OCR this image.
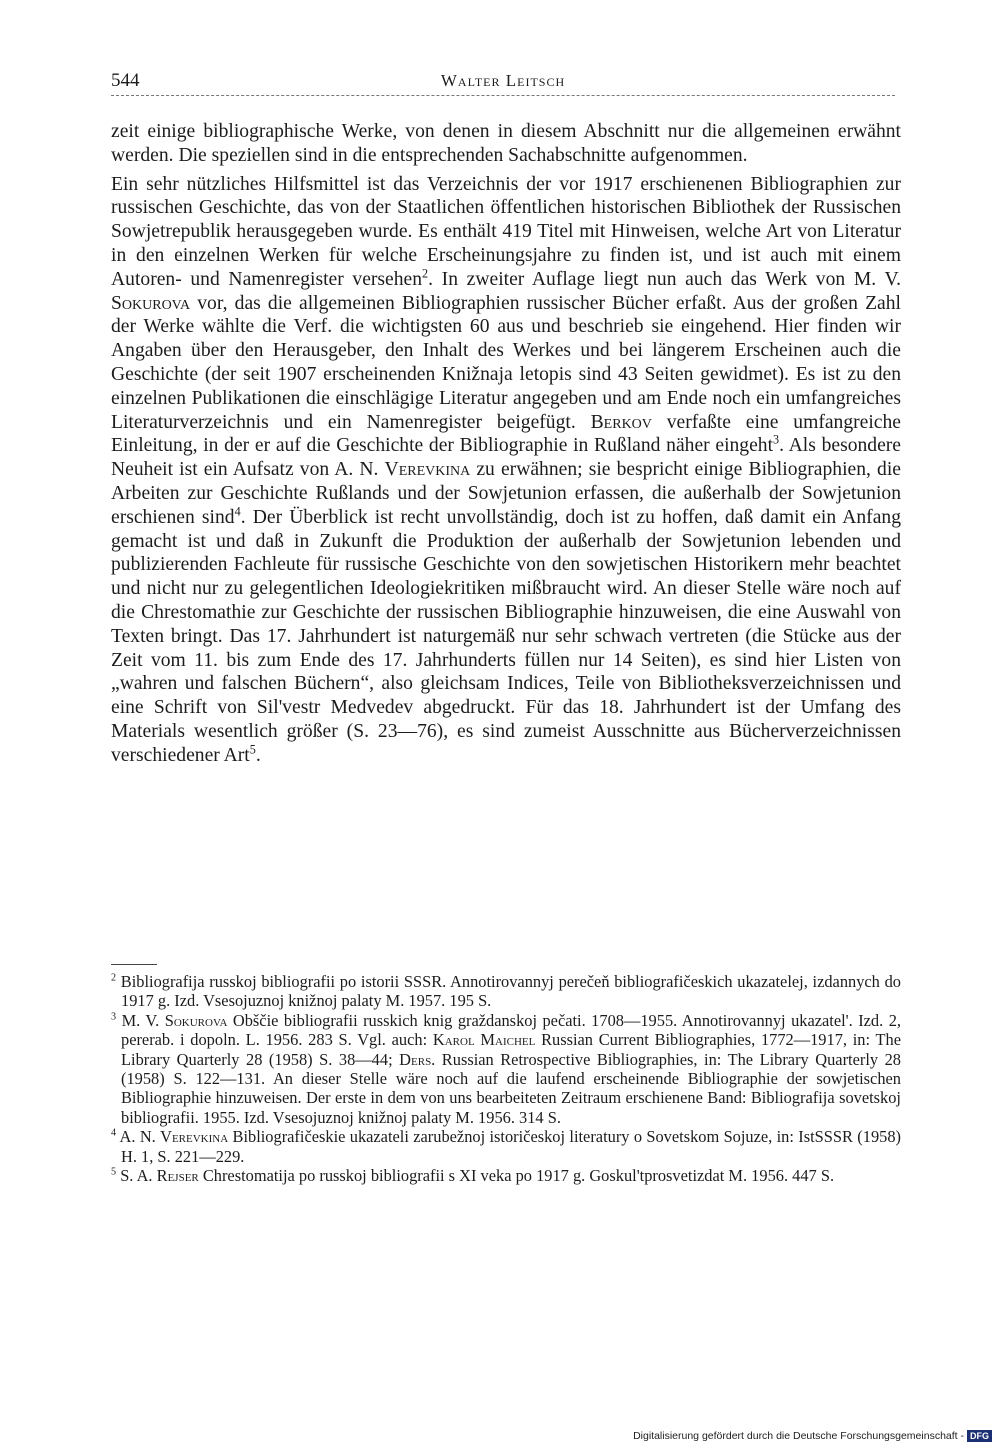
544	Walter Leitsch

zeit einige bibliographische Werke, von denen in diesem Abschnitt nur die allgemeinen erwähnt werden. Die speziellen sind in die entsprechenden Sachabschnitte aufgenommen.

Ein sehr nützliches Hilfsmittel ist das Verzeichnis der vor 1917 erschienenen Bibliographien zur russischen Geschichte, das von der Staatlichen öffentlichen historischen Bibliothek der Russischen Sowjetrepublik herausgegeben wurde. Es enthält 419 Titel mit Hinweisen, welche Art von Literatur in den einzelnen Werken für welche Erscheinungsjahre zu finden ist, und ist auch mit einem Autoren- und Namenregister versehen$^2$. In zweiter Auflage liegt nun auch das Werk von M. V. Sokurova vor, das die allgemeinen Bibliographien russischer Bücher erfaßt. Aus der großen Zahl der Werke wählte die Verf. die wichtigsten 60 aus und beschrieb sie eingehend. Hier finden wir Angaben über den Herausgeber, den Inhalt des Werkes und bei längerem Erscheinen auch die Geschichte (der seit 1907 erscheinenden Knižnaja letopis sind 43 Seiten gewidmet). Es ist zu den einzelnen Publikationen die einschlägige Literatur angegeben und am Ende noch ein umfangreiches Literaturverzeichnis und ein Namenregister beigefügt. Berkov verfaßte eine umfangreiche Einleitung, in der er auf die Geschichte der Bibliographie in Rußland näher eingeht$^3$. Als besondere Neuheit ist ein Aufsatz von A. N. Verevkina zu erwähnen; sie bespricht einige Bibliographien, die Arbeiten zur Geschichte Rußlands und der Sowjetunion erfassen, die außerhalb der Sowjetunion erschienen sind$^4$. Der Überblick ist recht unvollständig, doch ist zu hoffen, daß damit ein Anfang gemacht ist und daß in Zukunft die Produktion der außerhalb der Sowjetunion lebenden und publizierenden Fachleute für russische Geschichte von den sowjetischen Historikern mehr beachtet und nicht nur zu gelegentlichen Ideologiekritiken mißbraucht wird. An dieser Stelle wäre noch auf die Chrestomathie zur Geschichte der russischen Bibliographie hinzuweisen, die eine Auswahl von Texten bringt. Das 17. Jahrhundert ist naturgemäß nur sehr schwach vertreten (die Stücke aus der Zeit vom 11. bis zum Ende des 17. Jahrhunderts füllen nur 14 Seiten), es sind hier Listen von „wahren und falschen Büchern“, also gleichsam Indices, Teile von Bibliotheksverzeichnissen und eine Schrift von Sil'vestr Medvedev abgedruckt. Für das 18. Jahrhundert ist der Umfang des Materials wesentlich größer (S. 23—76), es sind zumeist Ausschnitte aus Bücherverzeichnissen verschiedener Art$^5$.

$^2$ Bibliografija russkoj bibliografii po istorii SSSR. Annotirovannyj perečeň bibliografičeskich ukazatelej, izdannych do 1917 g. Izd. Vsesojuznoj knižnoj palaty M. 1957. 195 S.

$^3$ M. V. Sokurova Obščie bibliografii russkich knig graždanskoj pečati. 1708—1955. Annotirovannyj ukazatel'. Izd. 2, pererab. i dopoln. L. 1956. 283 S. Vgl. auch: Karol Maichel Russian Current Bibliographies, 1772—1917, in: The Library Quarterly 28 (1958) S. 38—44; Ders. Russian Retrospective Bibliographies, in: The Library Quarterly 28 (1958) S. 122—131. An dieser Stelle wäre noch auf die laufend erscheinende Bibliographie der sowjetischen Bibliographie hinzuweisen. Der erste in dem von uns bearbeiteten Zeitraum erschienene Band: Bibliografija sovetskoj bibliografii. 1955. Izd. Vsesojuznoj knižnoj palaty M. 1956. 314 S.

$^4$ A. N. Verevkina Bibliografičeskie ukazateli zarubežnoj istoričeskoj literatury o Sovetskom Sojuze, in: IstSSSR (1958) H. 1, S. 221—229.

$^5$ S. A. Rejser Chrestomatija po russkoj bibliografii s XI veka po 1917 g. Goskul'tprosvetizdat M. 1956. 447 S.

Digitalisierung gefördert durch die Deutsche Forschungsgemeinschaft - DFG
